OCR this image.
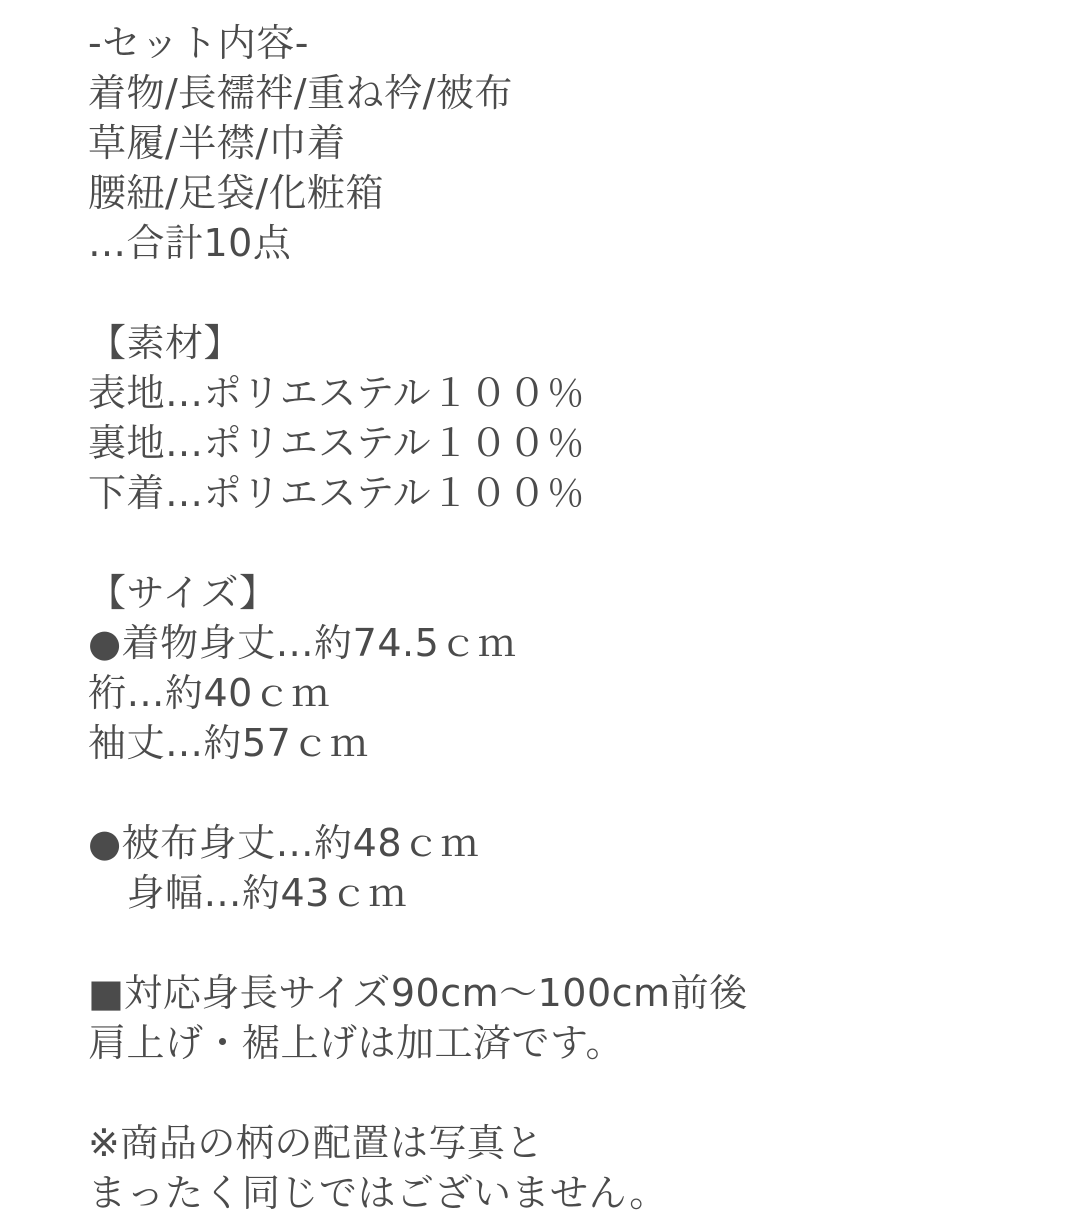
-セット内容-
着物/長襦袢/重ね衿/被布
草履/半襟/巾着
腰紐/足袋/化粧箱
…合計10点
【素材】
表地…ポリエステル１００％
裏地…ポリエステル１００％
下着…ポリエステル１００％
【サイズ】
●着物身丈…約74.5ｃｍ
裄…約40ｃｍ
袖丈…約57ｃｍ
●被布身丈…約48ｃｍ
　身幅…約43ｃｍ
■対応身長サイズ90cm〜100cm前後
肩上げ・裾上げは加工済です。
※商品の柄の配置は写真と
まったく同じではございません。
